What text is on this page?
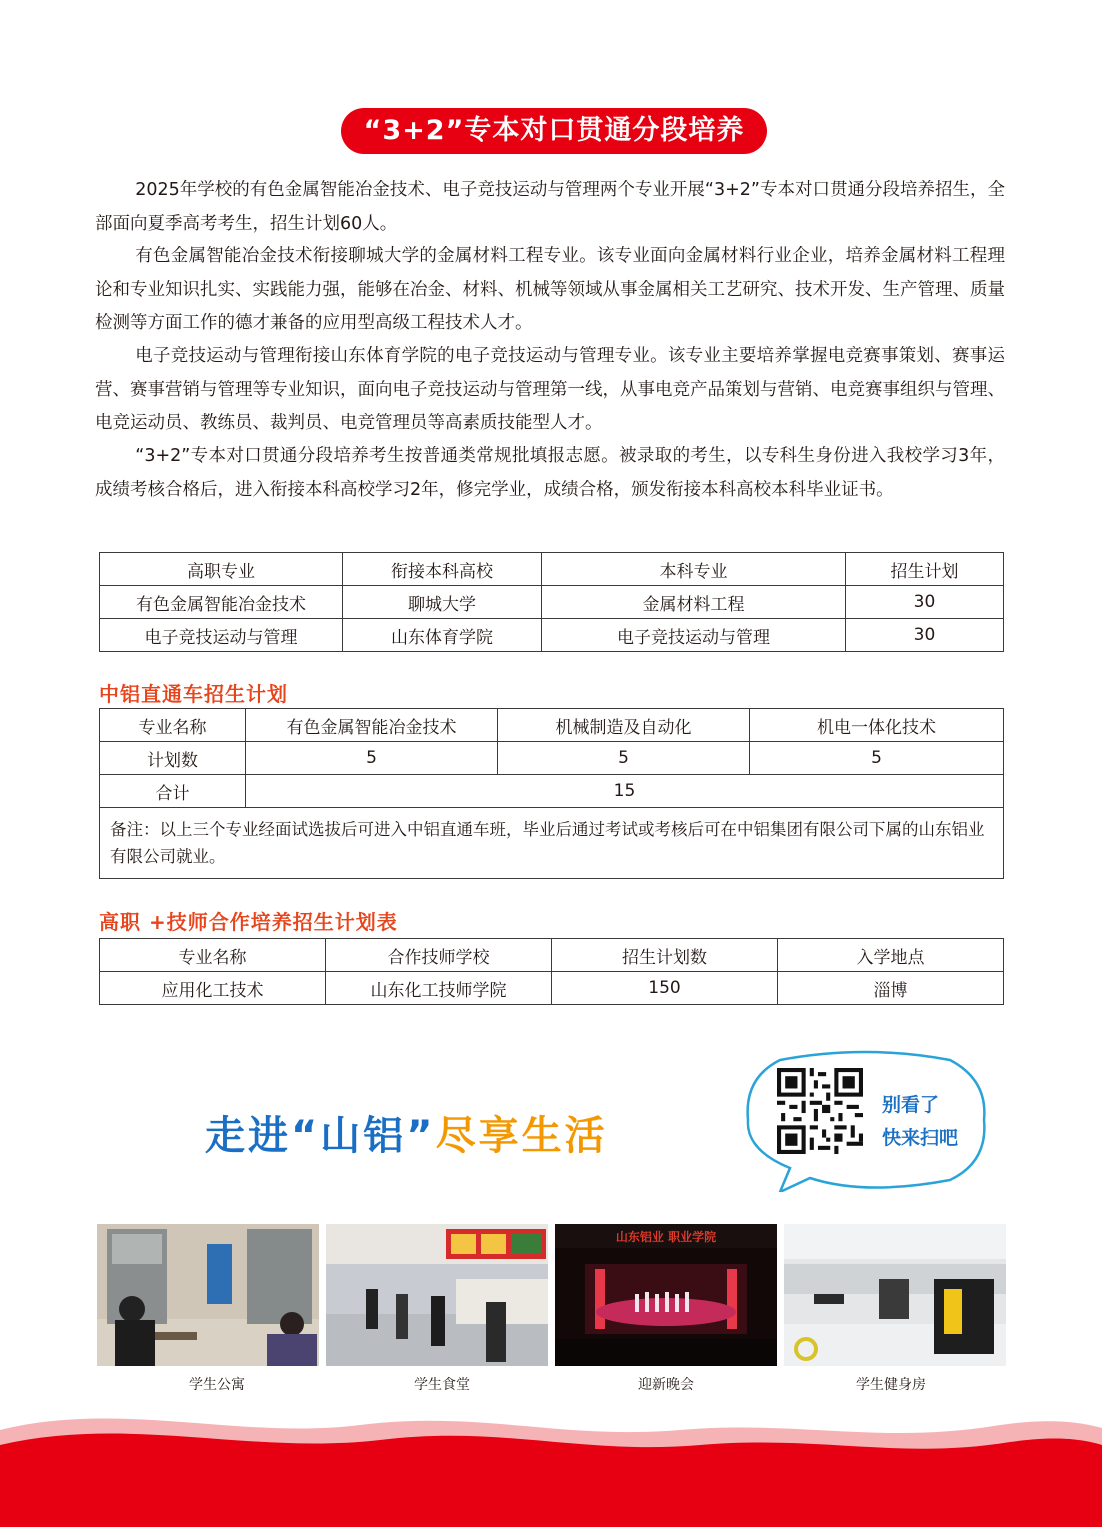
“3+2”专本对口贯通分段培养

2025年学校的有色金属智能冶金技术、电子竞技运动与管理两个专业开展“3+2”专本对口贯通分段培养招生，全部面向夏季高考考生，招生计划60人。

有色金属智能冶金技术衔接聊城大学的金属材料工程专业。该专业面向金属材料行业企业，培养金属材料工程理论和专业知识扎实、实践能力强，能够在冶金、材料、机械等领域从事金属相关工艺研究、技术开发、生产管理、质量检测等方面工作的德才兼备的应用型高级工程技术人才。

电子竞技运动与管理衔接山东体育学院的电子竞技运动与管理专业。该专业主要培养掌握电竞赛事策划、赛事运营、赛事营销与管理等专业知识，面向电子竞技运动与管理第一线，从事电竞产品策划与营销、电竞赛事组织与管理、电竞运动员、教练员、裁判员、电竞管理员等高素质技能型人才。

“3+2”专本对口贯通分段培养考生按普通类常规批填报志愿。被录取的考生，以专科生身份进入我校学习3年，成绩考核合格后，进入衔接本科高校学习2年，修完学业，成绩合格，颁发衔接本科高校本科毕业证书。

高职专业	衔接本科高校	本科专业	招生计划
有色金属智能冶金技术	聊城大学	金属材料工程	30
电子竞技运动与管理	山东体育学院	电子竞技运动与管理	30
中铝直通车招生计划
专业名称	有色金属智能冶金技术	机械制造及自动化	机电一体化技术
计划数	5	5	5
合计	15		
备注：以上三个专业经面试选拔后可进入中铝直通车班，毕业后通过考试或考核后可在中铝集团有限公司下属的山东铝业有限公司就业。			
高职 +技师合作培养招生计划表
专业名称	合作技师学校	招生计划数	入学地点
应用化工技术	山东化工技师学院	150	淄博
走进“山铝”尽享生活
别看了
快来扫吧
山东铝业 职业学院
学生公寓	学生食堂	迎新晚会	学生健身房
